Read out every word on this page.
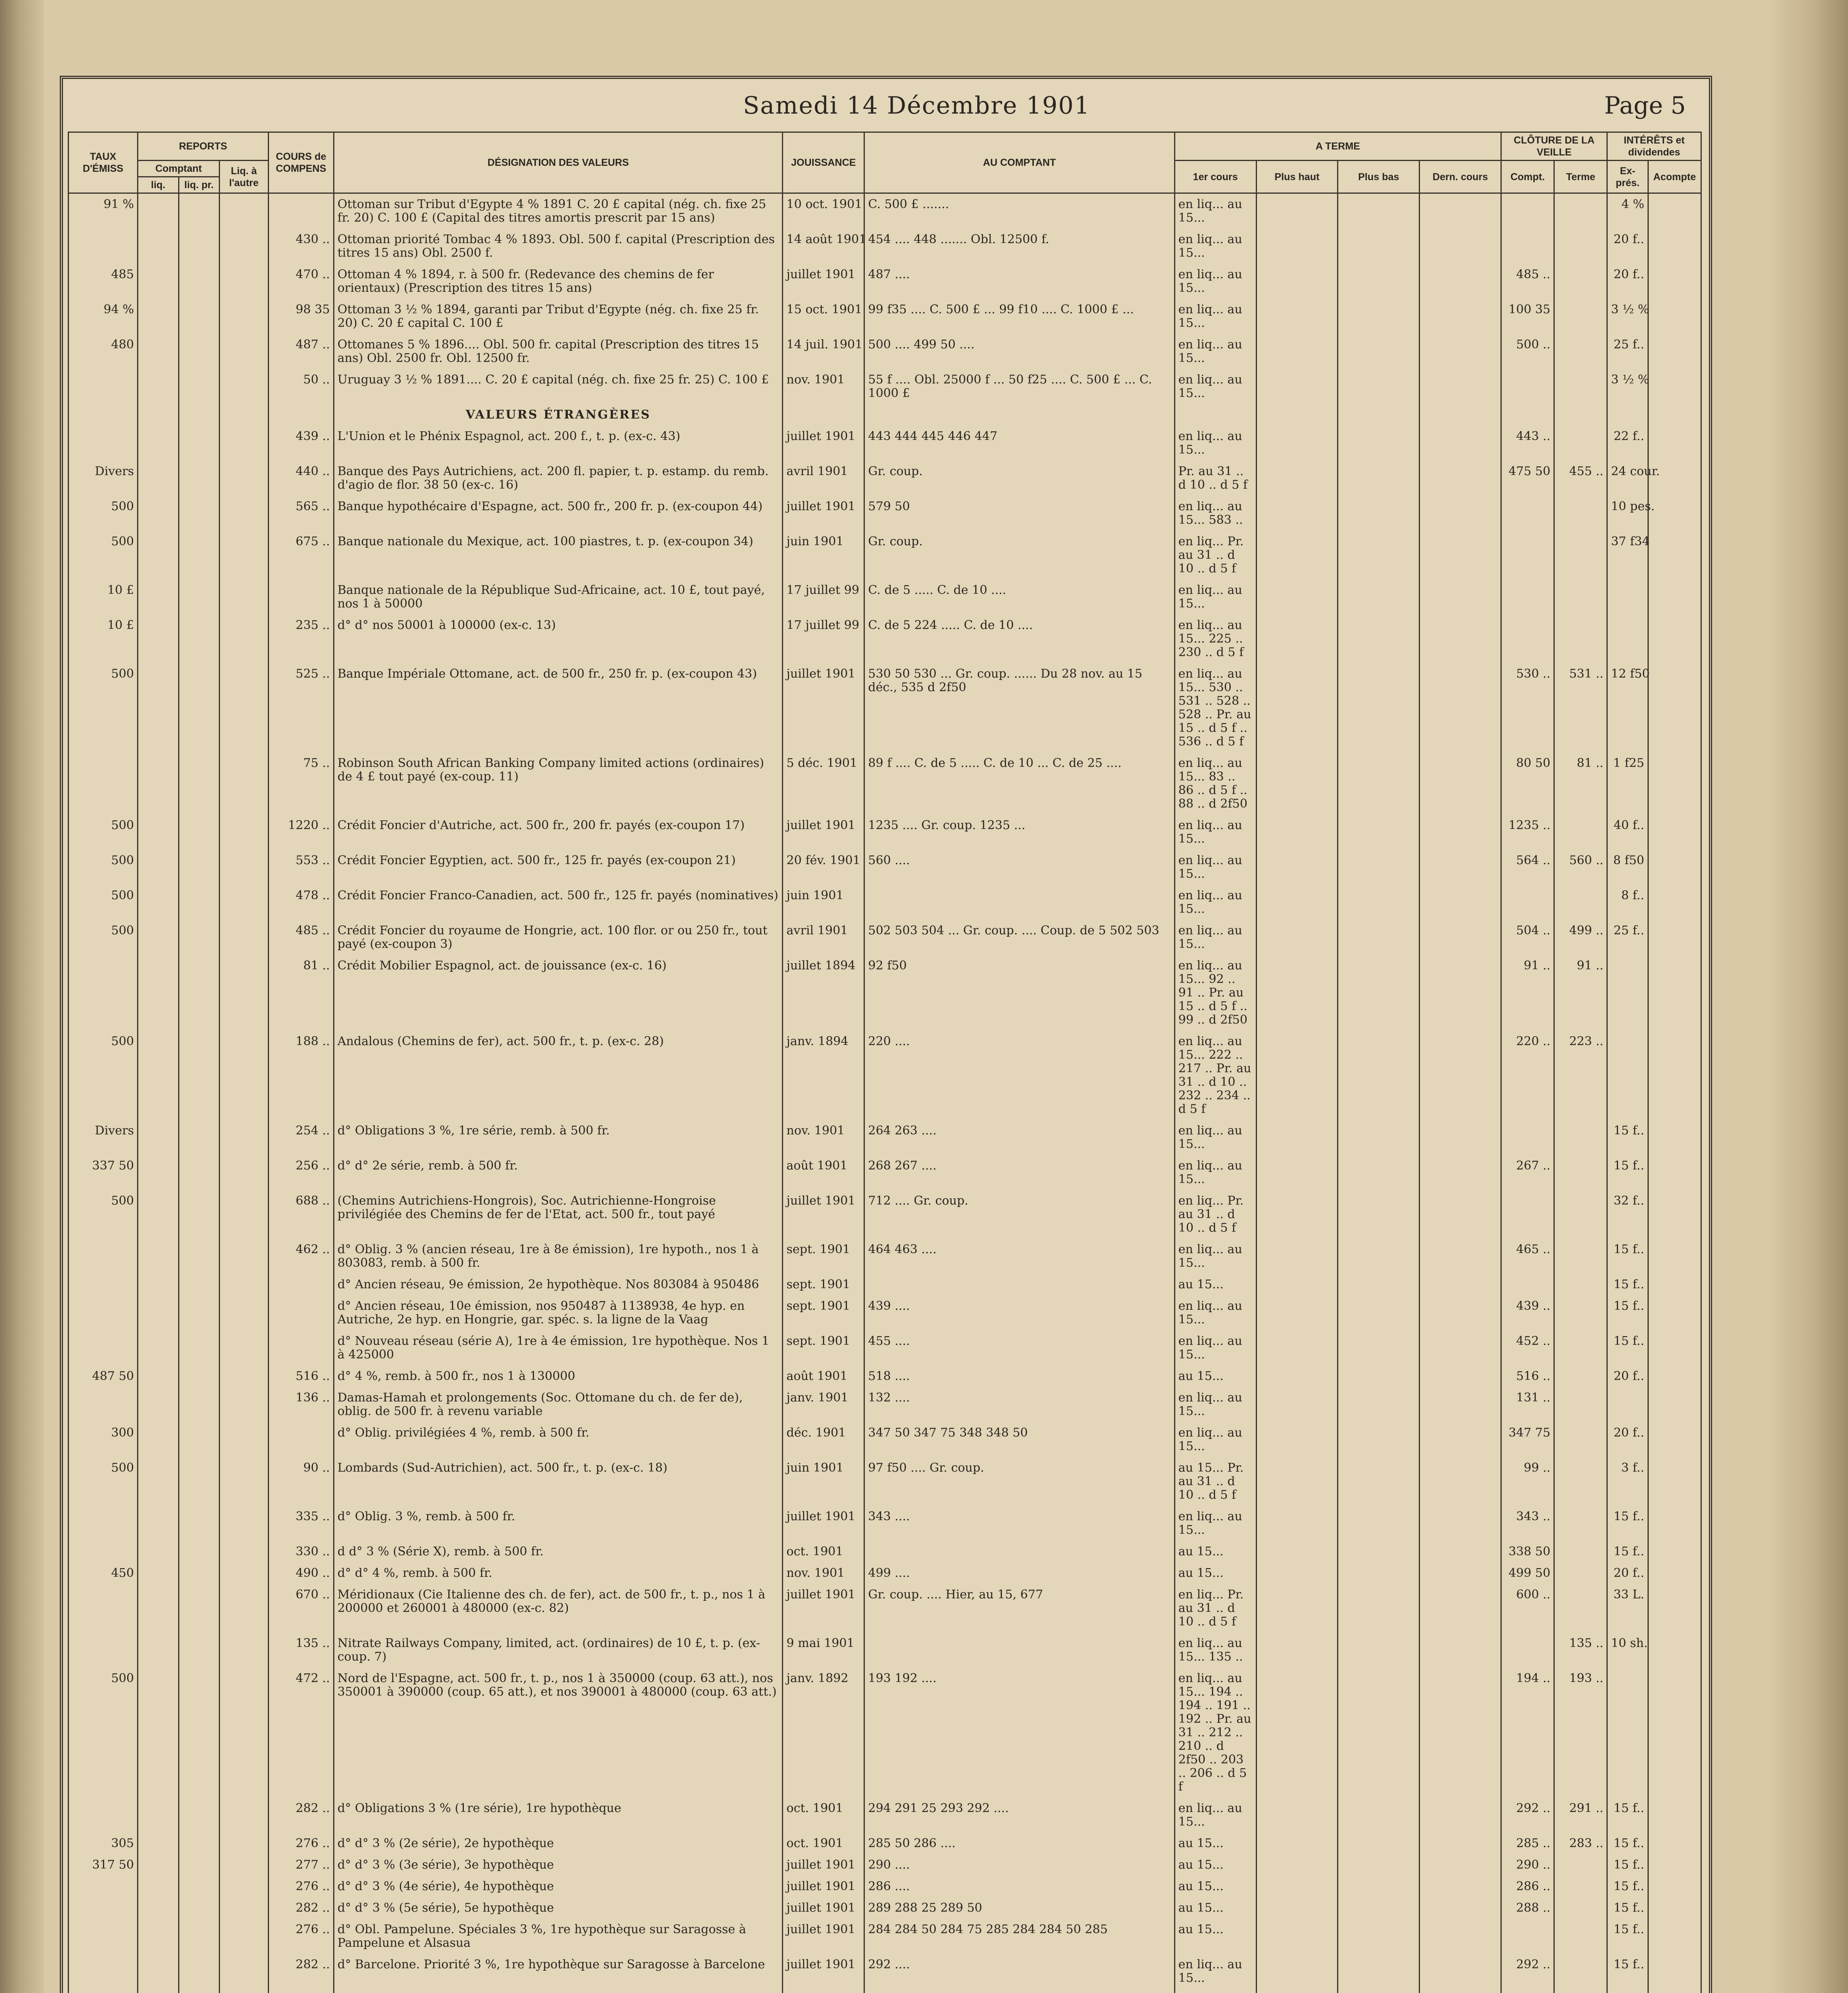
Samedi 14 Décembre 1901	Page 5
TAUX D'ÉMISS	REPORTS			COURS de COMPENS	DÉSIGNATION DES VALEURS	JOUISSANCE	AU COMPTANT	A TERME				CLÔTURE DE LA VEILLE		INTÉRÊTS et dividendes	
	Comptant		Liq. à l'autre					1er cours	Plus haut	Plus bas	Dern. cours	Compt.	Terme	Ex-prés.	Acompte
	liq.	liq. pr.													
91 %					Ottoman sur Tribut d'Egypte 4 % 1891 C. 20 £ capital (nég. ch. fixe 25 fr. 20) C. 100 £ (Capital des titres amortis prescrit par 15 ans)	10 oct. 1901	C. 500 £ .......	en liq... au 15...						4 %	
				430 ..	Ottoman priorité Tombac 4 % 1893. Obl. 500 f. capital (Prescription des titres 15 ans) Obl. 2500 f.	14 août 1901	454 .... 448 ....... Obl. 12500 f.	en liq... au 15...						20 f..	
485				470 ..	Ottoman 4 % 1894, r. à 500 fr. (Redevance des chemins de fer orientaux) (Prescription des titres 15 ans)	juillet 1901	487 ....	en liq... au 15...				485 ..		20 f..	
94 %				98 35	Ottoman 3 ½ % 1894, garanti par Tribut d'Egypte (nég. ch. fixe 25 fr. 20) C. 20 £ capital C. 100 £	15 oct. 1901	99 f35 .... C. 500 £ ... 99 f10 .... C. 1000 £ ...	en liq... au 15...				100 35		3 ½ %	
480				487 ..	Ottomanes 5 % 1896.... Obl. 500 fr. capital (Prescription des titres 15 ans) Obl. 2500 fr. Obl. 12500 fr.	14 juil. 1901	500 .... 499 50 ....	en liq... au 15...				500 ..		25 f..	
				50 ..	Uruguay 3 ½ % 1891.... C. 20 £ capital (nég. ch. fixe 25 fr. 25) C. 100 £	nov. 1901	55 f .... Obl. 25000 f ... 50 f25 .... C. 500 £ ... C. 1000 £	en liq... au 15...						3 ½ %	
					VALEURS ÉTRANGÈRES										
				439 ..	L'Union et le Phénix Espagnol, act. 200 f., t. p. (ex-c. 43)	juillet 1901	443 444 445 446 447	en liq... au 15...				443 ..		22 f..	
Divers				440 ..	Banque des Pays Autrichiens, act. 200 fl. papier, t. p. estamp. du remb. d'agio de flor. 38 50 (ex-c. 16)	avril 1901	Gr. coup.	Pr. au 31 .. d 10 .. d 5 f				475 50	455 ..	24 cour.	
500				565 ..	Banque hypothécaire d'Espagne, act. 500 fr., 200 fr. p. (ex-coupon 44)	juillet 1901	579 50	en liq... au 15... 583 ..						10 pes.	
500				675 ..	Banque nationale du Mexique, act. 100 piastres, t. p. (ex-coupon 34)	juin 1901	Gr. coup.	en liq... Pr. au 31 .. d 10 .. d 5 f						37 f34	
10 £					Banque nationale de la République Sud-Africaine, act. 10 £, tout payé, nos 1 à 50000	17 juillet 99	C. de 5 ..... C. de 10 ....	en liq... au 15...							
10 £				235 ..	d° d° nos 50001 à 100000 (ex-c. 13)	17 juillet 99	C. de 5 224 ..... C. de 10 ....	en liq... au 15... 225 .. 230 .. d 5 f							
500				525 ..	Banque Impériale Ottomane, act. de 500 fr., 250 fr. p. (ex-coupon 43)	juillet 1901	530 50 530 ... Gr. coup. ...... Du 28 nov. au 15 déc., 535 d 2f50	en liq... au 15... 530 .. 531 .. 528 .. 528 .. Pr. au 15 .. d 5 f .. 536 .. d 5 f				530 ..	531 ..	12 f50	
				75 ..	Robinson South African Banking Company limited actions (ordinaires) de 4 £ tout payé (ex-coup. 11)	5 déc. 1901	89 f .... C. de 5 ..... C. de 10 ... C. de 25 ....	en liq... au 15... 83 .. 86 .. d 5 f .. 88 .. d 2f50				80 50	81 ..	1 f25	
500				1220 ..	Crédit Foncier d'Autriche, act. 500 fr., 200 fr. payés (ex-coupon 17)	juillet 1901	1235 .... Gr. coup. 1235 ...	en liq... au 15...				1235 ..		40 f..	
500				553 ..	Crédit Foncier Egyptien, act. 500 fr., 125 fr. payés (ex-coupon 21)	20 fév. 1901	560 ....	en liq... au 15...				564 ..	560 ..	8 f50	
500				478 ..	Crédit Foncier Franco-Canadien, act. 500 fr., 125 fr. payés (nominatives)	juin 1901		en liq... au 15...						8 f..	
500				485 ..	Crédit Foncier du royaume de Hongrie, act. 100 flor. or ou 250 fr., tout payé (ex-coupon 3)	avril 1901	502 503 504 ... Gr. coup. .... Coup. de 5 502 503	en liq... au 15...				504 ..	499 ..	25 f..	
				81 ..	Crédit Mobilier Espagnol, act. de jouissance (ex-c. 16)	juillet 1894	92 f50	en liq... au 15... 92 .. 91 .. Pr. au 15 .. d 5 f .. 99 .. d 2f50				91 ..	91 ..		
500				188 ..	Andalous (Chemins de fer), act. 500 fr., t. p. (ex-c. 28)	janv. 1894	220 ....	en liq... au 15... 222 .. 217 .. Pr. au 31 .. d 10 .. 232 .. 234 .. d 5 f				220 ..	223 ..		
Divers				254 ..	d° Obligations 3 %, 1re série, remb. à 500 fr.	nov. 1901	264 263 ....	en liq... au 15...						15 f..	
337 50				256 ..	d° d° 2e série, remb. à 500 fr.	août 1901	268 267 ....	en liq... au 15...				267 ..		15 f..	
500				688 ..	(Chemins Autrichiens-Hongrois), Soc. Autrichienne-Hongroise privilégiée des Chemins de fer de l'Etat, act. 500 fr., tout payé	juillet 1901	712 .... Gr. coup.	en liq... Pr. au 31 .. d 10 .. d 5 f						32 f..	
				462 ..	d° Oblig. 3 % (ancien réseau, 1re à 8e émission), 1re hypoth., nos 1 à 803083, remb. à 500 fr.	sept. 1901	464 463 ....	en liq... au 15...				465 ..		15 f..	
					d° Ancien réseau, 9e émission, 2e hypothèque. Nos 803084 à 950486	sept. 1901		au 15...						15 f..	
					d° Ancien réseau, 10e émission, nos 950487 à 1138938, 4e hyp. en Autriche, 2e hyp. en Hongrie, gar. spéc. s. la ligne de la Vaag	sept. 1901	439 ....	en liq... au 15...				439 ..		15 f..	
					d° Nouveau réseau (série A), 1re à 4e émission, 1re hypothèque. Nos 1 à 425000	sept. 1901	455 ....	en liq... au 15...				452 ..		15 f..	
487 50				516 ..	d° 4 %, remb. à 500 fr., nos 1 à 130000	août 1901	518 ....	au 15...				516 ..		20 f..	
				136 ..	Damas-Hamah et prolongements (Soc. Ottomane du ch. de fer de), oblig. de 500 fr. à revenu variable	janv. 1901	132 ....	en liq... au 15...				131 ..			
300					d° Oblig. privilégiées 4 %, remb. à 500 fr.	déc. 1901	347 50 347 75 348 348 50	en liq... au 15...				347 75		20 f..	
500				90 ..	Lombards (Sud-Autrichien), act. 500 fr., t. p. (ex-c. 18)	juin 1901	97 f50 .... Gr. coup.	au 15... Pr. au 31 .. d 10 .. d 5 f				99 ..		3 f..	
				335 ..	d° Oblig. 3 %, remb. à 500 fr.	juillet 1901	343 ....	en liq... au 15...				343 ..		15 f..	
				330 ..	d d° 3 % (Série X), remb. à 500 fr.	oct. 1901		au 15...				338 50		15 f..	
450				490 ..	d° d° 4 %, remb. à 500 fr.	nov. 1901	499 ....	au 15...				499 50		20 f..	
				670 ..	Méridionaux (Cie Italienne des ch. de fer), act. de 500 fr., t. p., nos 1 à 200000 et 260001 à 480000 (ex-c. 82)	juillet 1901	Gr. coup. .... Hier, au 15, 677	en liq... Pr. au 31 .. d 10 .. d 5 f				600 ..		33 L.	
				135 ..	Nitrate Railways Company, limited, act. (ordinaires) de 10 £, t. p. (ex-coup. 7)	9 mai 1901		en liq... au 15... 135 ..					135 ..	10 sh.	
500				472 ..	Nord de l'Espagne, act. 500 fr., t. p., nos 1 à 350000 (coup. 63 att.), nos 350001 à 390000 (coup. 65 att.), et nos 390001 à 480000 (coup. 63 att.)	janv. 1892	193 192 ....	en liq... au 15... 194 .. 194 .. 191 .. 192 .. Pr. au 31 .. 212 .. 210 .. d 2f50 .. 203 .. 206 .. d 5 f				194 ..	193 ..		
				282 ..	d° Obligations 3 % (1re série), 1re hypothèque	oct. 1901	294 291 25 293 292 ....	en liq... au 15...				292 ..	291 ..	15 f..	
305				276 ..	d° d° 3 % (2e série), 2e hypothèque	oct. 1901	285 50 286 ....	au 15...				285 ..	283 ..	15 f..	
317 50				277 ..	d° d° 3 % (3e série), 3e hypothèque	juillet 1901	290 ....	au 15...				290 ..		15 f..	
				276 ..	d° d° 3 % (4e série), 4e hypothèque	juillet 1901	286 ....	au 15...				286 ..		15 f..	
				282 ..	d° d° 3 % (5e série), 5e hypothèque	juillet 1901	289 288 25 289 50	au 15...				288 ..		15 f..	
				276 ..	d° Obl. Pampelune. Spéciales 3 %, 1re hypothèque sur Saragosse à Pampelune et Alsasua	juillet 1901	284 284 50 284 75 285 284 284 50 285	au 15...						15 f..	
				282 ..	d° Barcelone. Priorité 3 %, 1re hypothèque sur Saragosse à Barcelone	juillet 1901	292 ....	en liq... au 15...				292 ..		15 f..	
